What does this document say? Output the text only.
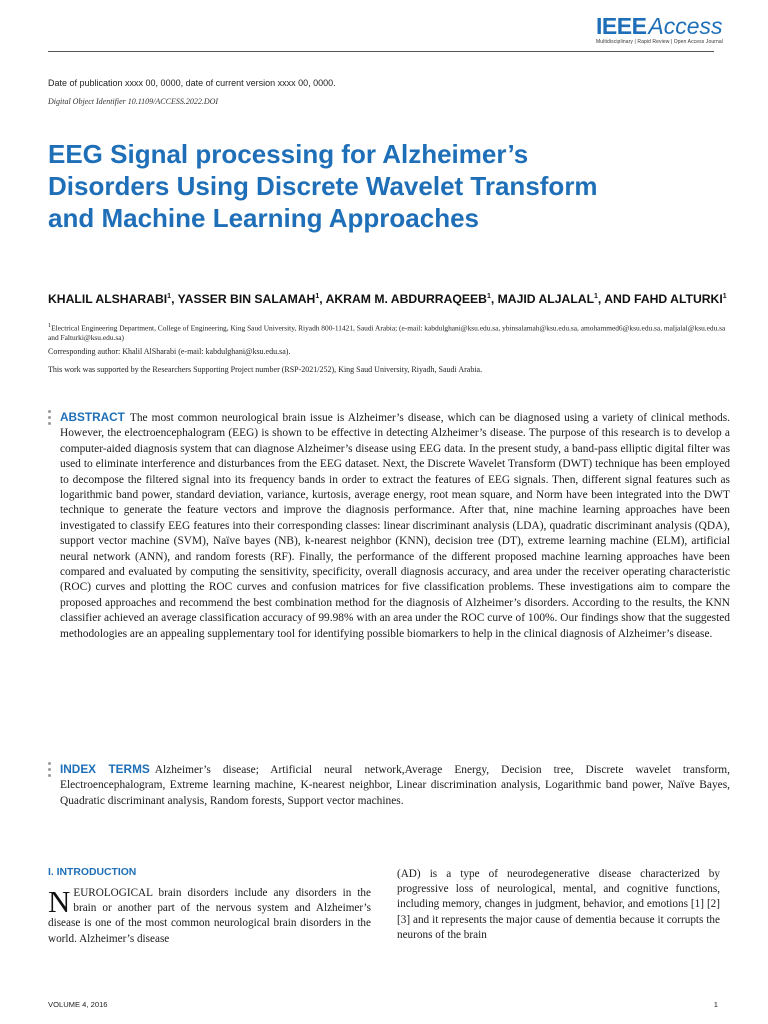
IEEEAccess
Multidisciplinary | Rapid Review | Open Access Journal
Date of publication xxxx 00, 0000, date of current version xxxx 00, 0000.
Digital Object Identifier 10.1109/ACCESS.2022.DOI
EEG Signal processing for Alzheimer’s Disorders Using Discrete Wavelet Transform and Machine Learning Approaches
KHALIL ALSHARABI$^1$, YASSER BIN SALAMAH$^1$, AKRAM M. ABDURRAQEEB$^1$, MAJID ALJALAL$^1$, AND FAHD ALTURKI$^1$
$^1$Electrical Engineering Department, College of Engineering, King Saud University, Riyadh 800-11421, Saudi Arabia; (e-mail: kabdulghani@ksu.edu.sa, ybinsalamah@ksu.edu.sa, amohammed6@ksu.edu.sa, maljalal@ksu.edu.sa and Falturki@ksu.edu.sa)
Corresponding author: Khalil AlSharabi (e-mail: kabdulghani@ksu.edu.sa).
This work was supported by the Researchers Supporting Project number (RSP-2021/252), King Saud University, Riyadh, Saudi Arabia.
ABSTRACT The most common neurological brain issue is Alzheimer’s disease, which can be diagnosed using a variety of clinical methods. However, the electroencephalogram (EEG) is shown to be effective in detecting Alzheimer’s disease. The purpose of this research is to develop a computer-aided diagnosis system that can diagnose Alzheimer’s disease using EEG data. In the present study, a band-pass elliptic digital filter was used to eliminate interference and disturbances from the EEG dataset. Next, the Discrete Wavelet Transform (DWT) technique has been employed to decompose the filtered signal into its frequency bands in order to extract the features of EEG signals. Then, different signal features such as logarithmic band power, standard deviation, variance, kurtosis, average energy, root mean square, and Norm have been integrated into the DWT technique to generate the feature vectors and improve the diagnosis performance. After that, nine machine learning approaches have been investigated to classify EEG features into their corresponding classes: linear discriminant analysis (LDA), quadratic discriminant analysis (QDA), support vector machine (SVM), Naïve bayes (NB), k-nearest neighbor (KNN), decision tree (DT), extreme learning machine (ELM), artificial neural network (ANN), and random forests (RF). Finally, the performance of the different proposed machine learning approaches have been compared and evaluated by computing the sensitivity, specificity, overall diagnosis accuracy, and area under the receiver operating characteristic (ROC) curves and plotting the ROC curves and confusion matrices for five classification problems. These investigations aim to compare the proposed approaches and recommend the best combination method for the diagnosis of Alzheimer’s disorders. According to the results, the KNN classifier achieved an average classification accuracy of 99.98% with an area under the ROC curve of 100%. Our findings show that the suggested methodologies are an appealing supplementary tool for identifying possible biomarkers to help in the clinical diagnosis of Alzheimer’s disease.
INDEX TERMS Alzheimer’s disease; Artificial neural network,Average Energy, Decision tree, Discrete wavelet transform, Electroencephalogram, Extreme learning machine, K-nearest neighbor, Linear discrimination analysis, Logarithmic band power, Naïve Bayes, Quadratic discriminant analysis, Random forests, Support vector machines.
I. INTRODUCTION
NEUROLOGICAL brain disorders include any disorders in the brain or another part of the nervous system and Alzheimer’s disease is one of the most common neurological brain disorders in the world. Alzheimer’s disease
(AD) is a type of neurodegenerative disease characterized by progressive loss of neurological, mental, and cognitive functions, including memory, changes in judgment, behavior, and emotions [1] [2] [3] and it represents the major cause of dementia because it corrupts the neurons of the brain
VOLUME 4, 2016	1
